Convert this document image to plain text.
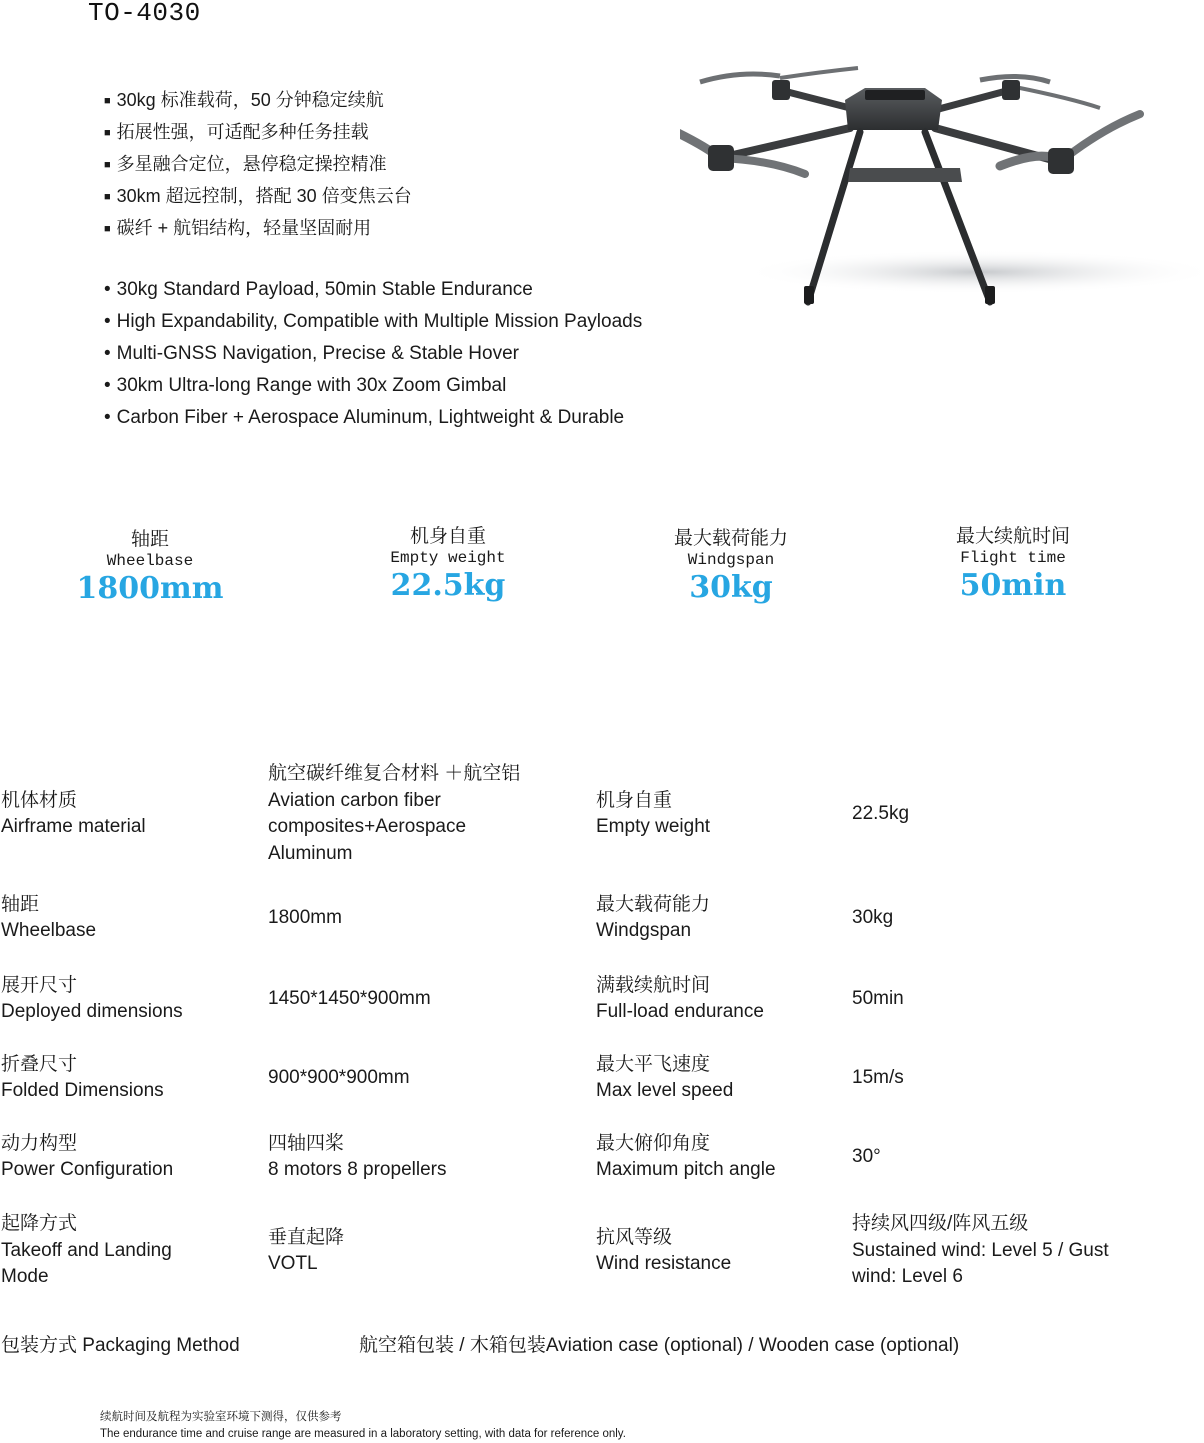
TO-4030
■ 30kg 标准载荷，50 分钟稳定续航
■ 拓展性强，可适配多种任务挂载
■ 多星融合定位，悬停稳定操控精准
■ 30km 超远控制，搭配 30 倍变焦云台
■ 碳纤 + 航铝结构，轻量坚固耐用
• 30kg Standard Payload, 50min Stable Endurance
• High Expandability, Compatible with Multiple Mission Payloads
• Multi-GNSS Navigation, Precise & Stable Hover
• 30km Ultra-long Range with 30x Zoom Gimbal
• Carbon Fiber + Aerospace Aluminum, Lightweight & Durable
轴距
Wheelbase
1800mm
机身自重
Empty weight
22.5kg
最大载荷能力
Windgspan
30kg
最大续航时间
Flight time
50min
机体材质
Airframe material
航空碳纤维复合材料 ＋航空铝
Aviation carbon fiber
composites+Aerospace
Aluminum
机身自重
Empty weight
22.5kg
轴距
Wheelbase
1800mm
最大载荷能力
Windgspan
30kg
展开尺寸
Deployed dimensions
1450*1450*900mm
满载续航时间
Full-load endurance
50min
折叠尺寸
Folded Dimensions
900*900*900mm
最大平飞速度
Max level speed
15m/s
动力构型
Power Configuration
四轴四桨
8 motors 8 propellers
最大俯仰角度
Maximum pitch angle
30°
起降方式
Takeoff and Landing
Mode
垂直起降
VOTL
抗风等级
Wind resistance
持续风四级/阵风五级
Sustained wind: Level 5 / Gust
wind: Level 6
包装方式 Packaging Method	航空箱包装 / 木箱包装Aviation case (optional) / Wooden case (optional)
续航时间及航程为实验室环境下测得，仅供参考
The endurance time and cruise range are measured in a laboratory setting, with data for reference only.
